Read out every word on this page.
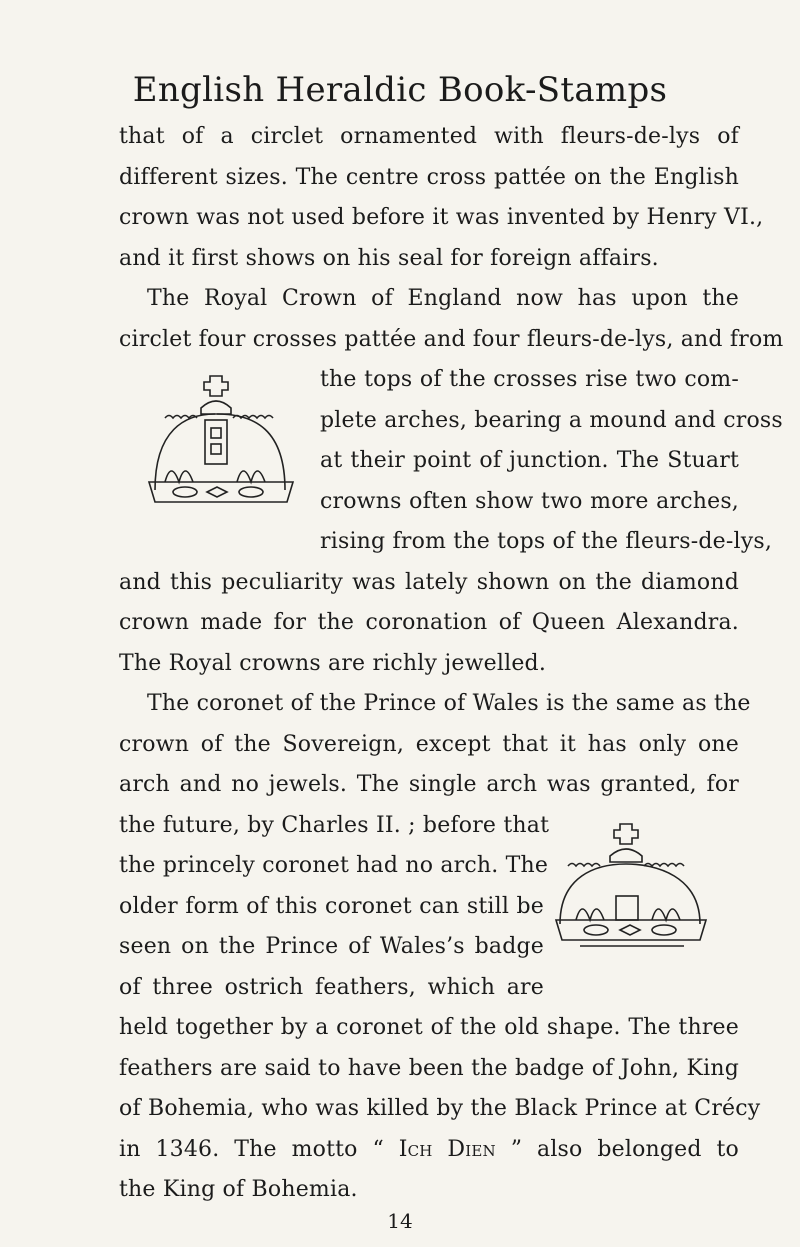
English Heraldic Book-Stamps
that of a circlet ornamented with fleurs-de-lys of
different sizes. The centre cross pattée on the English
crown was not used before it was invented by Henry VI.,
and it first shows on his seal for foreign affairs.
The Royal Crown of England now has upon the
circlet four crosses pattée and four fleurs-de-lys, and from
the tops of the crosses rise two com-
plete arches, bearing a mound and cross
at their point of junction. The Stuart
crowns often show two more arches,
rising from the tops of the fleurs-de-lys,
and this peculiarity was lately shown on the diamond
crown made for the coronation of Queen Alexandra.
The Royal crowns are richly jewelled.
The coronet of the Prince of Wales is the same as the
crown of the Sovereign, except that it has only one
arch and no jewels. The single arch was granted, for
the future, by Charles II. ; before that
the princely coronet had no arch. The
older form of this coronet can still be
seen on the Prince of Wales’s badge
of three ostrich feathers, which are
held together by a coronet of the old shape. The three
feathers are said to have been the badge of John, King
of Bohemia, who was killed by the Black Prince at Crécy
in 1346. The motto “ Ich Dien ” also belonged to
the King of Bohemia.
14
